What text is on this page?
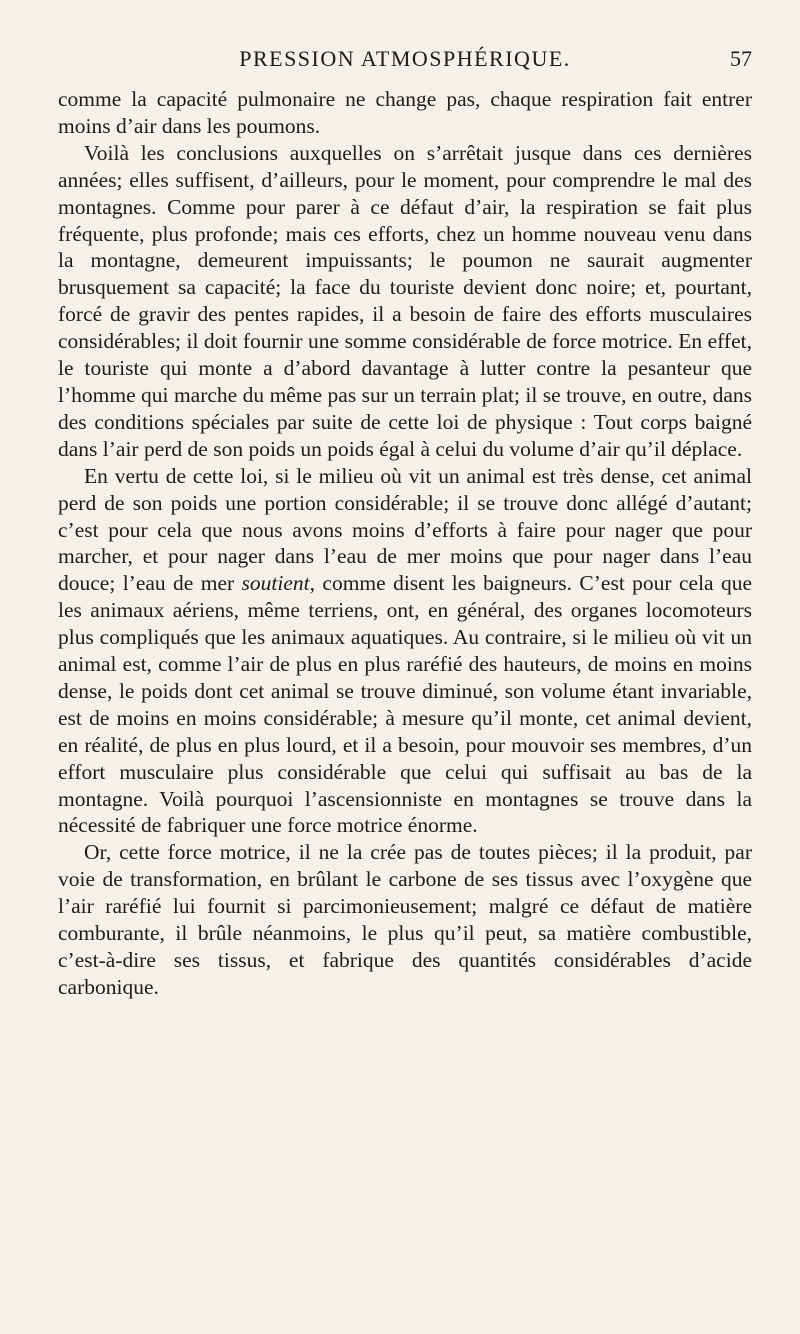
PRESSION ATMOSPHÉRIQUE.	57

comme la capacité pulmonaire ne change pas, chaque respiration fait entrer moins d’air dans les poumons.

Voilà les conclusions auxquelles on s’arrêtait jusque dans ces dernières années; elles suffisent, d’ailleurs, pour le moment, pour comprendre le mal des montagnes. Comme pour parer à ce défaut d’air, la respiration se fait plus fréquente, plus profonde; mais ces efforts, chez un homme nouveau venu dans la montagne, demeurent impuissants; le poumon ne saurait augmenter brusquement sa capacité; la face du touriste devient donc noire; et, pourtant, forcé de gravir des pentes rapides, il a besoin de faire des efforts musculaires considérables; il doit fournir une somme considérable de force motrice. En effet, le touriste qui monte a d’abord davantage à lutter contre la pesanteur que l’homme qui marche du même pas sur un terrain plat; il se trouve, en outre, dans des conditions spéciales par suite de cette loi de physique : Tout corps baigné dans l’air perd de son poids un poids égal à celui du volume d’air qu’il déplace.

En vertu de cette loi, si le milieu où vit un animal est très dense, cet animal perd de son poids une portion considérable; il se trouve donc allégé d’autant; c’est pour cela que nous avons moins d’efforts à faire pour nager que pour marcher, et pour nager dans l’eau de mer moins que pour nager dans l’eau douce; l’eau de mer soutient, comme disent les baigneurs. C’est pour cela que les animaux aériens, même terriens, ont, en général, des organes locomoteurs plus compliqués que les animaux aquatiques. Au contraire, si le milieu où vit un animal est, comme l’air de plus en plus raréfié des hauteurs, de moins en moins dense, le poids dont cet animal se trouve diminué, son volume étant invariable, est de moins en moins considérable; à mesure qu’il monte, cet animal devient, en réalité, de plus en plus lourd, et il a besoin, pour mouvoir ses membres, d’un effort musculaire plus considérable que celui qui suffisait au bas de la montagne. Voilà pourquoi l’ascensionniste en montagnes se trouve dans la nécessité de fabriquer une force motrice énorme.

Or, cette force motrice, il ne la crée pas de toutes pièces; il la produit, par voie de transformation, en brûlant le carbone de ses tissus avec l’oxygène que l’air raréfié lui fournit si parcimonieusement; malgré ce défaut de matière comburante, il brûle néanmoins, le plus qu’il peut, sa matière combustible, c’est-à-dire ses tissus, et fabrique des quantités considérables d’acide carbonique.
